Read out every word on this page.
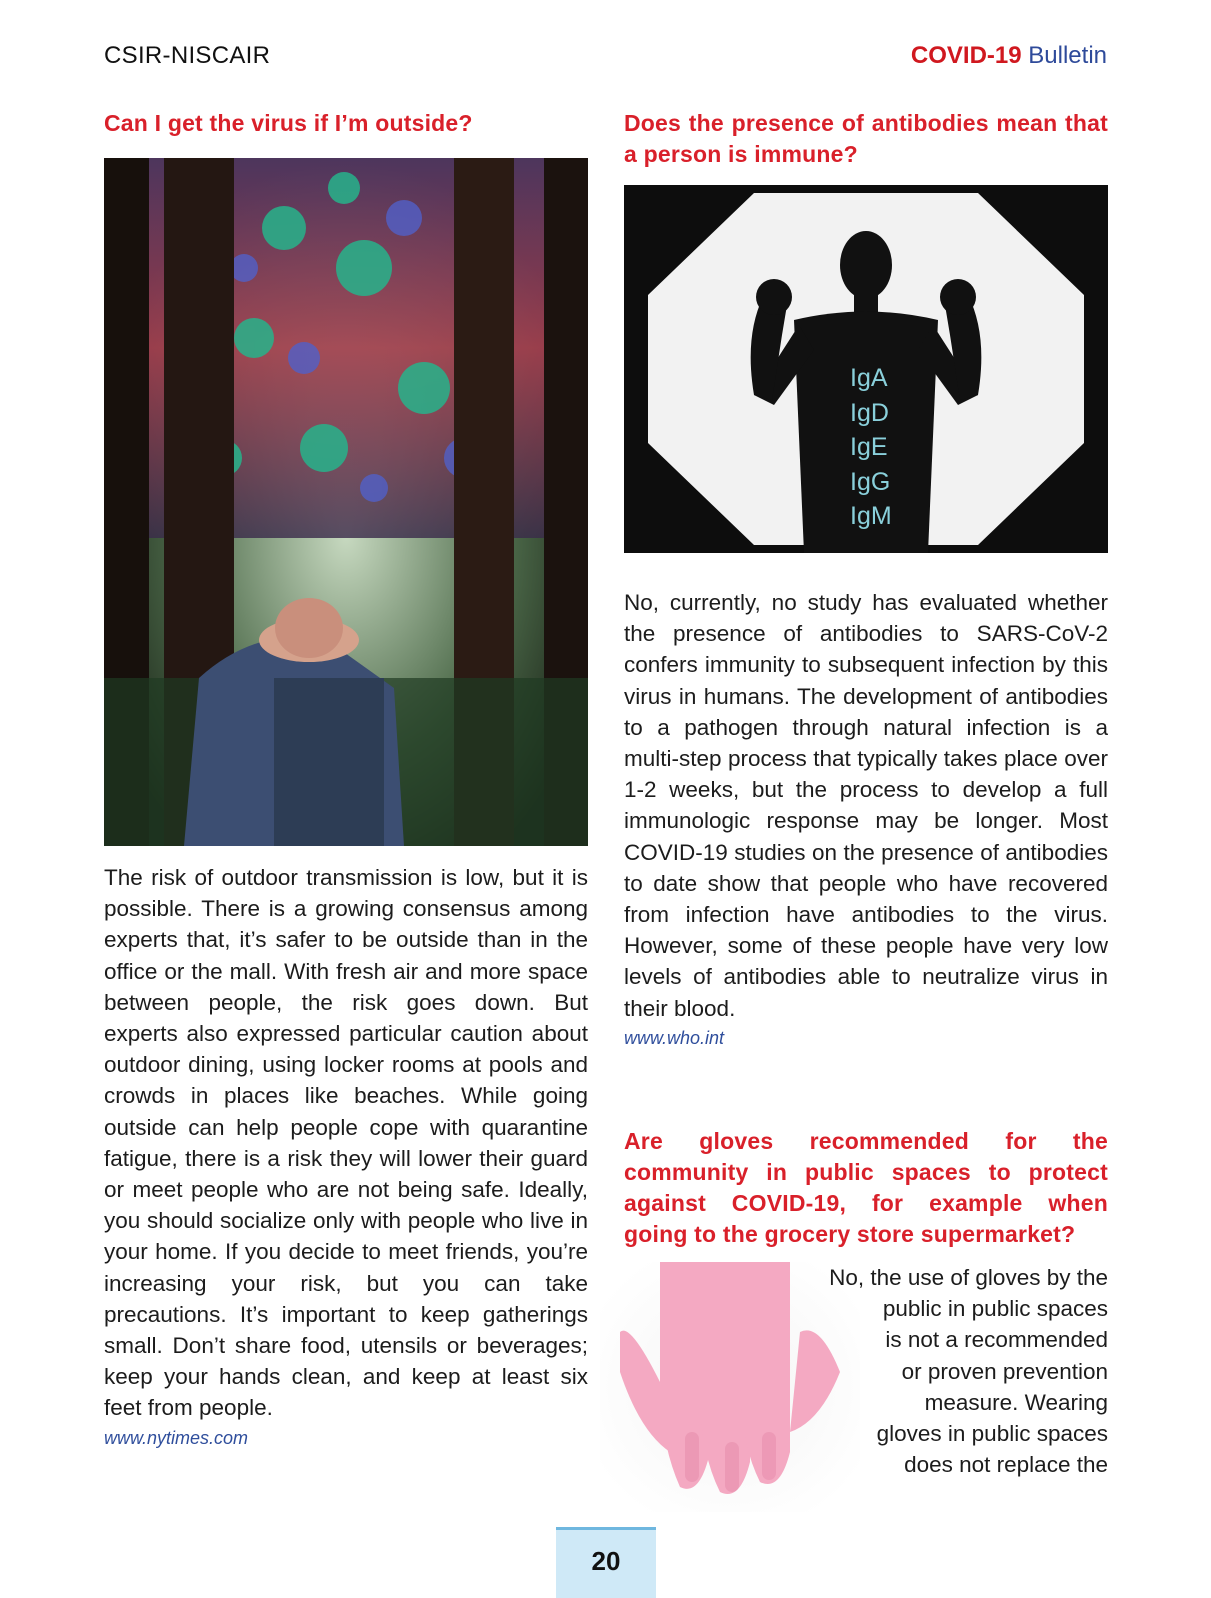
CSIR-NISCAIR	COVID-19 Bulletin
Can I get the virus if I’m outside?

The risk of outdoor transmission is low, but it is possible. There is a growing consensus among experts that, it’s safer to be outside than in the office or the mall. With fresh air and more space between people, the risk goes down. But experts also expressed particular caution about outdoor dining, using locker rooms at pools and crowds in places like beaches. While going outside can help people cope with quarantine fatigue, there is a risk they will lower their guard or meet people who are not being safe. Ideally, you should socialize only with people who live in your home. If you decide to meet friends, you’re increasing your risk, but you can take precautions. It’s important to keep gatherings small. Don’t share food, utensils or beverages; keep your hands clean, and keep at least six feet from people.

www.nytimes.com
Does the presence of antibodies mean that a person is immune?
IgA
IgD
IgE
IgG
IgM

No, currently, no study has evaluated whether the presence of antibodies to SARS-CoV-2 confers immunity to subsequent infection by this virus in humans. The development of antibodies to a pathogen through natural infection is a multi-step process that typically takes place over 1-2 weeks, but the process to develop a full immunologic response may be longer. Most COVID-19 studies on the presence of antibodies to date show that people who have recovered from infection have antibodies to the virus. However, some of these people have very low levels of antibodies able to neutralize virus in their blood.

www.who.int
Are gloves recommended for the
community in public spaces to protect
against COVID-19, for example when
going to the grocery store supermarket?
No, the use of gloves by the
public in public spaces
is not a recommended
or proven prevention
measure. Wearing
gloves in public spaces
does not replace the
20
